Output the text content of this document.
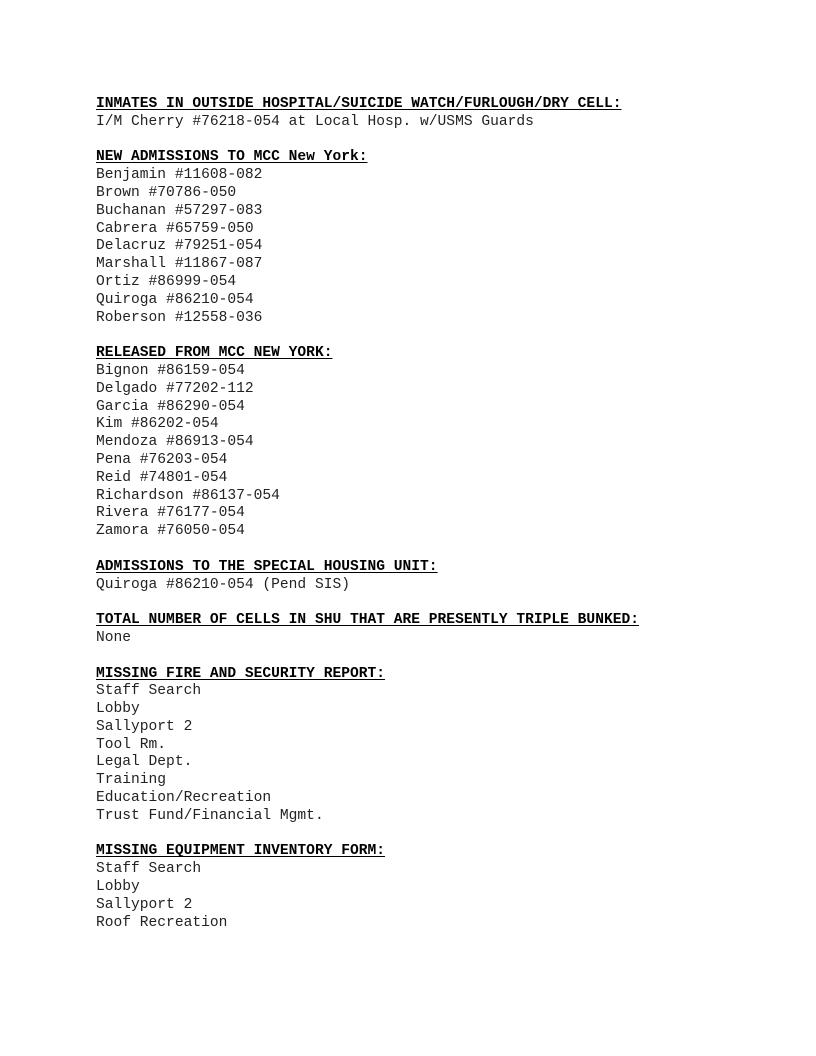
INMATES IN OUTSIDE HOSPITAL/SUICIDE WATCH/FURLOUGH/DRY CELL:
I/M Cherry #76218-054 at Local Hosp. w/USMS Guards
NEW ADMISSIONS TO MCC New York:
Benjamin #11608-082
Brown #70786-050
Buchanan #57297-083
Cabrera #65759-050
Delacruz #79251-054
Marshall #11867-087
Ortiz #86999-054
Quiroga #86210-054
Roberson #12558-036
RELEASED FROM MCC NEW YORK:
Bignon #86159-054
Delgado #77202-112
Garcia #86290-054
Kim #86202-054
Mendoza #86913-054
Pena #76203-054
Reid #74801-054
Richardson #86137-054
Rivera #76177-054
Zamora #76050-054
ADMISSIONS TO THE SPECIAL HOUSING UNIT:
Quiroga #86210-054 (Pend SIS)
TOTAL NUMBER OF CELLS IN SHU THAT ARE PRESENTLY TRIPLE BUNKED:
None
MISSING FIRE AND SECURITY REPORT:
Staff Search
Lobby
Sallyport 2
Tool Rm.
Legal Dept.
Training
Education/Recreation
Trust Fund/Financial Mgmt.
MISSING EQUIPMENT INVENTORY FORM:
Staff Search
Lobby
Sallyport 2
Roof Recreation
